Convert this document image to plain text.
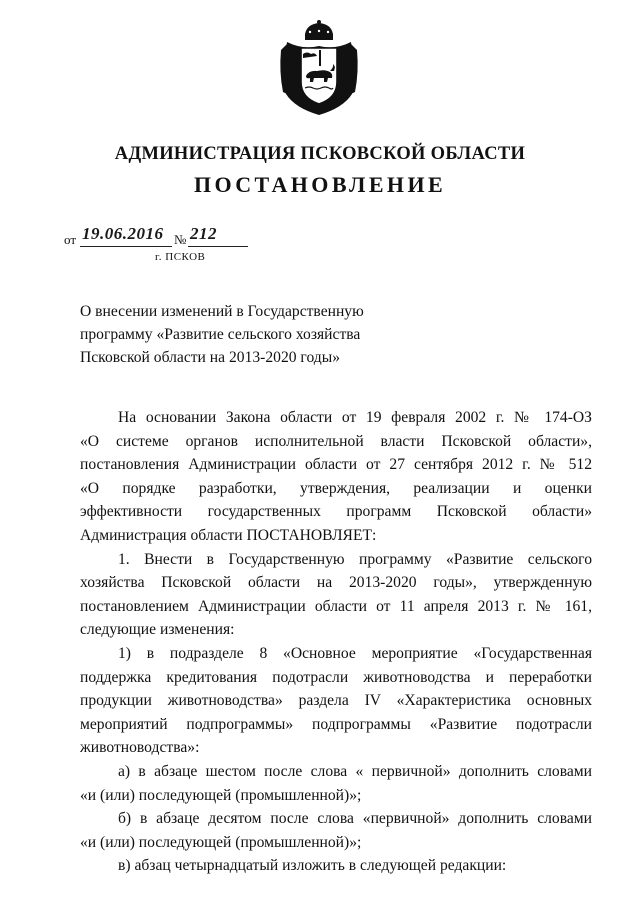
АДМИНИСТРАЦИЯ ПСКОВСКОЙ ОБЛАСТИ
ПОСТАНОВЛЕНИЕ
от 19.06.2016 № 212
г. ПСКОВ
О внесении изменений в Государственную
программу «Развитие сельского хозяйства
Псковской области на 2013-2020 годы»
На основании Закона области от 19 февраля 2002 г. № 174-ОЗ
«О системе органов исполнительной власти Псковской области»,
постановления Администрации области от 27 сентября 2012 г. № 512
«О порядке разработки, утверждения, реализации и оценки
эффективности государственных программ Псковской области»
Администрация области ПОСТАНОВЛЯЕТ:
1. Внести в Государственную программу «Развитие сельского
хозяйства Псковской области на 2013-2020 годы», утвержденную
постановлением Администрации области от 11 апреля 2013 г. № 161,
следующие изменения:
1) в подразделе 8 «Основное мероприятие «Государственная
поддержка кредитования подотрасли животноводства и переработки
продукции животноводства» раздела IV «Характеристика основных
мероприятий подпрограммы» подпрограммы «Развитие подотрасли
животноводства»:
а) в абзаце шестом после слова « первичной» дополнить словами
«и (или) последующей (промышленной)»;
б) в абзаце десятом после слова «первичной» дополнить словами
«и (или) последующей (промышленной)»;
в) абзац четырнадцатый изложить в следующей редакции:
